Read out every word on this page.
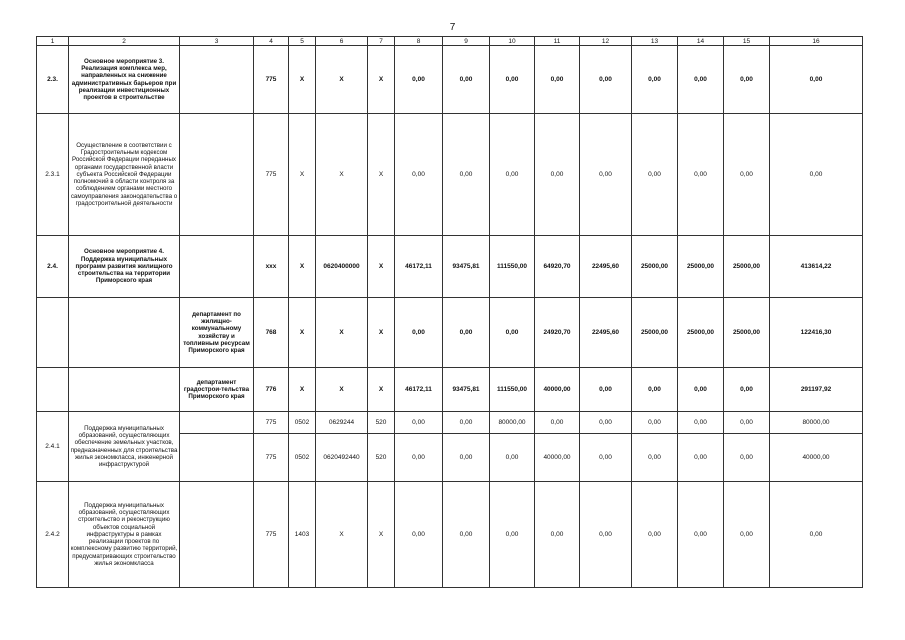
7
1	2	3	4	5	6	7	8	9	10	11	12	13	14	15	16
2.3.	Основное мероприятие 3. Реализация комплекса мер, направленных на снижение административных барьеров при реализации инвестиционных проектов в строительстве		775	Х	Х	Х	0,00	0,00	0,00	0,00	0,00	0,00	0,00	0,00	0,00
2.3.1	Осуществление в соответствии с Градостроительным кодексом Российской Федерации переданных органами государственной власти субъекта Российской Федерации полномочий в области контроля за соблюдением органами местного самоуправления законодательства о градостроительной деятельности		775	Х	Х	Х	0,00	0,00	0,00	0,00	0,00	0,00	0,00	0,00	0,00
2.4.	Основное мероприятие 4. Поддержка муниципальных программ развития жилищного строительства на территории Приморского края		ххх	Х	0620400000	Х	46172,11	93475,81	111550,00	64920,70	22495,60	25000,00	25000,00	25000,00	413614,22
		департамент по жилищно-коммунальному хозяйству и топливным ресурсам Приморского края	768	Х	Х	Х	0,00	0,00	0,00	24920,70	22495,60	25000,00	25000,00	25000,00	122416,30
		департамент градострои-тельства Приморского края	776	Х	Х	Х	46172,11	93475,81	111550,00	40000,00	0,00	0,00	0,00	0,00	291197,92
2.4.1	Поддержка муниципальных образований, осуществляющих обеспечение земельных участков, предназначенных для строительства жилья экономкласса, инженерной инфраструктурой		775	0502	0629244	520	0,00	0,00	80000,00	0,00	0,00	0,00	0,00	0,00	80000,00
			775	0502	0620492440	520	0,00	0,00	0,00	40000,00	0,00	0,00	0,00	0,00	40000,00
2.4.2	Поддержка муниципальных образований, осуществляющих строительство и реконструкцию объектов социальной инфраструктуры в рамках реализации проектов по комплексному развитию территорий, предусматривающих строительство жилья экономкласса		775	1403	Х	Х	0,00	0,00	0,00	0,00	0,00	0,00	0,00	0,00	0,00
